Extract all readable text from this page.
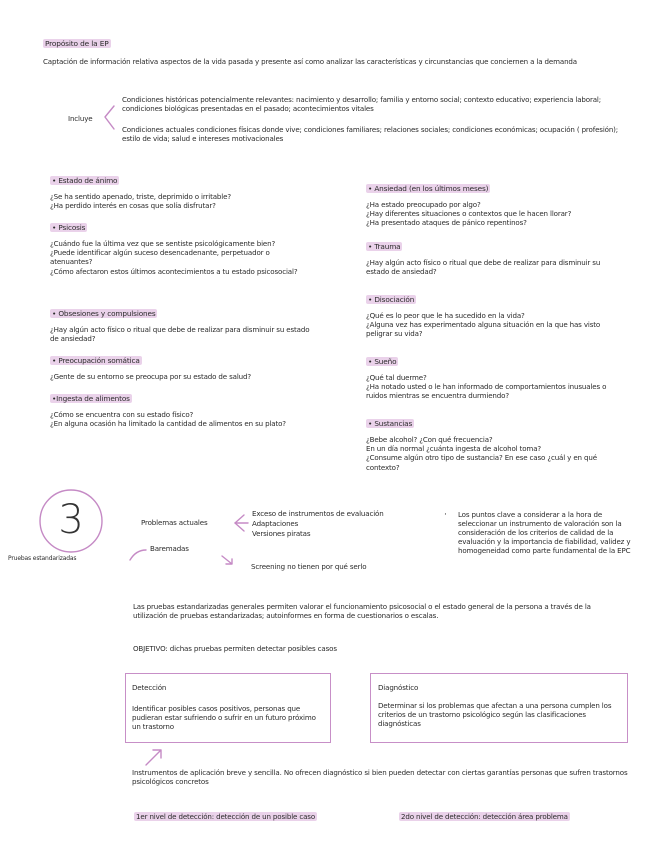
Propósito de la EP
Captación de información relativa aspectos de la vida pasada y presente así como analizar las características y circunstancias que conciernen a la demanda
Incluye
Condiciones históricas potencialmente relevantes: nacimiento y desarrollo; familia y entorno social; contexto educativo; experiencia laboral; condiciones biológicas presentadas en el pasado; acontecimientos vitales
Condiciones actuales condiciones físicas donde vive; condiciones familiares; relaciones sociales; condiciones económicas; ocupación ( profesión); estilo de vida; salud e intereses motivacionales
• Estado de ánimo
¿Se ha sentido apenado, triste, deprimido o irritable?
¿Ha perdido interés en cosas que solía disfrutar?
• Psicosis
¿Cuándo fue la última vez que se sentiste psicológicamente bien?
¿Puede identificar algún suceso desencadenante, perpetuador o atenuantes?
¿Cómo afectaron estos últimos acontecimientos a tu estado psicosocial?
• Obsesiones y compulsiones
¿Hay algún acto físico o ritual que debe de realizar para disminuir su estado de ansiedad?
• Preocupación somática
¿Gente de su entorno se preocupa por su estado de salud?
•Ingesta de alimentos
¿Cómo se encuentra con su estado físico?
¿En alguna ocasión ha limitado la cantidad de alimentos en su plato?
• Ansiedad (en los últimos meses)
¿Ha estado preocupado por algo?
¿Hay diferentes situaciones o contextos que le hacen llorar?
¿Ha presentado ataques de pánico repentinos?
• Trauma
¿Hay algún acto físico o ritual que debe de realizar para disminuir su estado de ansiedad?
• Disociación
¿Qué es lo peor que le ha sucedido en la vida?
¿Alguna vez has experimentado alguna situación en la que has visto peligrar su vida?
• Sueño
¿Qué tal duerme?
¿Ha notado usted o le han informado de comportamientos inusuales o ruidos mientras se encuentra durmiendo?
• Sustancias
¿Bebe alcohol? ¿Con qué frecuencia?
En un día normal ¿cuánta ingesta de alcohol toma?
¿Consume algún otro tipo de sustancia? En ese caso ¿cuál y en qué contexto?
3
Pruebas estandarizadas
Problemas actuales
Exceso de instrumentos de evaluación
Adaptaciones
Versiones piratas
Baremadas
Screening no tienen por qué serlo
· Los puntos clave a considerar a la hora de seleccionar un instrumento de valoración son la consideración de los criterios de calidad de la evaluación y la importancia de fiabilidad, validez y homogeneidad como parte fundamental de la EPC
Las pruebas estandarizadas generales permiten valorar el funcionamiento psicosocial o el estado general de la persona a través de la utilización de pruebas estandarizadas; autoinformes en forma de cuestionarios o escalas.
OBJETIVO: dichas pruebas permiten detectar posibles casos
Detección
Identificar posibles casos positivos, personas que pudieran estar sufriendo o sufrir en un futuro próximo un trastorno
Diagnóstico
Determinar si los problemas que afectan a una persona cumplen los criterios de un trastorno psicológico según las clasificaciones diagnósticas
Instrumentos de aplicación breve y sencilla. No ofrecen diagnóstico si bien pueden detectar con ciertas garantías personas que sufren trastornos psicológicos concretos
1er nivel de detección: detección de un posible caso	2do nivel de detección: detección área problema
